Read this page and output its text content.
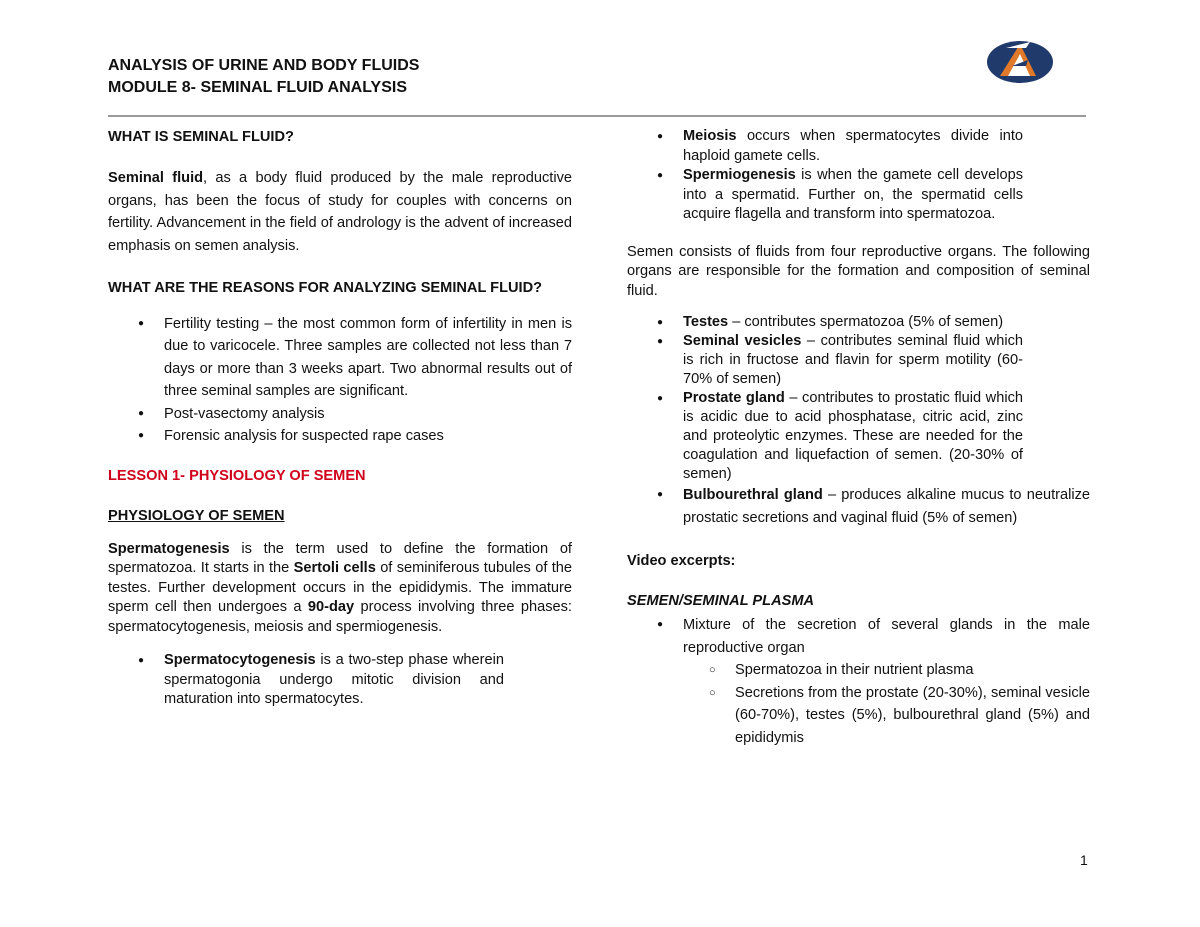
ANALYSIS OF URINE AND BODY FLUIDS
MODULE 8- SEMINAL FLUID ANALYSIS

WHAT IS SEMINAL FLUID?

Seminal fluid, as a body fluid produced by the male reproductive organs, has been the focus of study for couples with concerns on fertility. Advancement in the field of andrology is the advent of increased emphasis on semen analysis.

WHAT ARE THE REASONS FOR ANALYZING SEMINAL FLUID?

● Fertility testing – the most common form of infertility in men is due to varicocele. Three samples are collected not less than 7 days or more than 3 weeks apart. Two abnormal results out of three seminal samples are significant.
● Post-vasectomy analysis
● Forensic analysis for suspected rape cases

LESSON 1- PHYSIOLOGY OF SEMEN

PHYSIOLOGY OF SEMEN

Spermatogenesis is the term used to define the formation of spermatozoa. It starts in the Sertoli cells of seminiferous tubules of the testes. Further development occurs in the epididymis. The immature sperm cell then undergoes a 90-day process involving three phases: spermatocytogenesis, meiosis and spermiogenesis.

● Spermatocytogenesis is a two-step phase wherein spermatogonia undergo mitotic division and maturation into spermatocytes.
● Meiosis occurs when spermatocytes divide into haploid gamete cells.
● Spermiogenesis is when the gamete cell develops into a spermatid. Further on, the spermatid cells acquire flagella and transform into spermatozoa.

Semen consists of fluids from four reproductive organs. The following organs are responsible for the formation and composition of seminal fluid.

● Testes – contributes spermatozoa (5% of semen)
● Seminal vesicles – contributes seminal fluid which is rich in fructose and flavin for sperm motility (60-70% of semen)
● Prostate gland – contributes to prostatic fluid which is acidic due to acid phosphatase, citric acid, zinc and proteolytic enzymes. These are needed for the coagulation and liquefaction of semen. (20-30% of semen)
● Bulbourethral gland – produces alkaline mucus to neutralize prostatic secretions and vaginal fluid (5% of semen)

Video excerpts:

SEMEN/SEMINAL PLASMA

● Mixture of the secretion of several glands in the male reproductive organ
○ Spermatozoa in their nutrient plasma
○ Secretions from the prostate (20-30%), seminal vesicle (60-70%), testes (5%), bulbourethral gland (5%) and epididymis
1
